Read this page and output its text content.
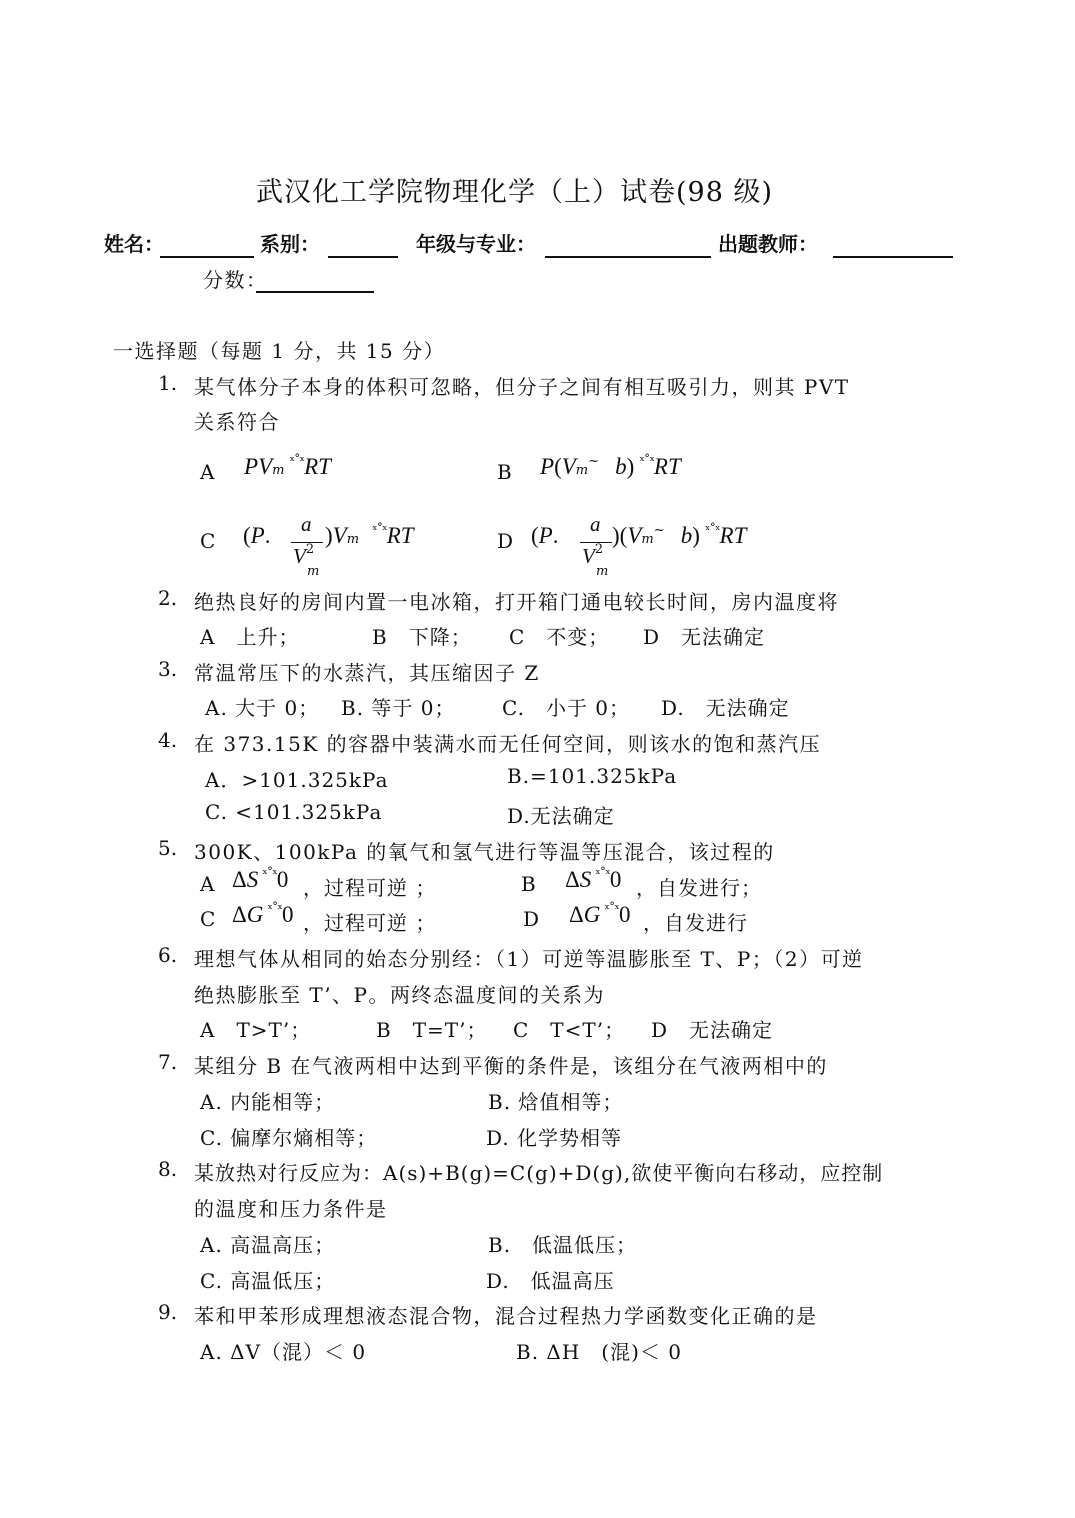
武汉化工学院物理化学（上）试卷(98 级)
姓名：	系别：	年级与专业：	出题教师：
分数：
一选择题（每题 1 分，共 15 分）
1. 某气体分子本身的体积可忽略，但分子之间有相互吸引力，则其 PVT
关系符合
A PVm $^{ˣ˚ˣ}$RT	B P(Vm~ b) $^{ˣ˚ˣ}$RT
C (P. a
$V^2$
m
)Vm $^{ˣ˚ˣ}$RT	D (P. a
$V^2$
m
)(Vm~ b) $^{ˣ˚ˣ}$RT
2. 绝热良好的房间内置一电冰箱，打开箱门通电较长时间，房内温度将
A　上升；	B　下降； C　不变； D　无法确定
3. 常温常压下的水蒸汽，其压缩因子 Z
A. 大于 0； B. 等于 0； C.　小于 0； D.　无法确定
4. 在 373.15K 的容器中装满水而无任何空间，则该水的饱和蒸汽压
A．>101.325kPa	B.=101.325kPa
C. <101.325kPa	D.无法确定
5. 300K、100kPa 的氧气和氢气进行等温等压混合，该过程的
A ΔS $^{ˣ˚ˣ}$0 ，过程可逆 ；	B ΔS $^{ˣ˚ˣ}$0 ，自发进行；
C ΔG $^{ˣ˚ˣ}$0 ，过程可逆 ；	D ΔG $^{ˣ˚ˣ}$0 ，自发进行
6. 理想气体从相同的始态分别经：（1）可逆等温膨胀至 T、P；（2）可逆
绝热膨胀至 T’、P。两终态温度间的关系为
A　T>T’；	B　T=T’； C　T<T’； D　无法确定
7. 某组分 B 在气液两相中达到平衡的条件是，该组分在气液两相中的
A. 内能相等；	B. 焓值相等；
C. 偏摩尔熵相等；	D. 化学势相等
8. 某放热对行反应为：A(s)+B(g)=C(g)+D(g),欲使平衡向右移动，应控制
的温度和压力条件是
A. 高温高压；	B.　低温低压；
C. 高温低压；	D.　低温高压
9. 苯和甲苯形成理想液态混合物，混合过程热力学函数变化正确的是
A. ΔV（混）＜ 0	B. ΔH　(混)＜ 0
